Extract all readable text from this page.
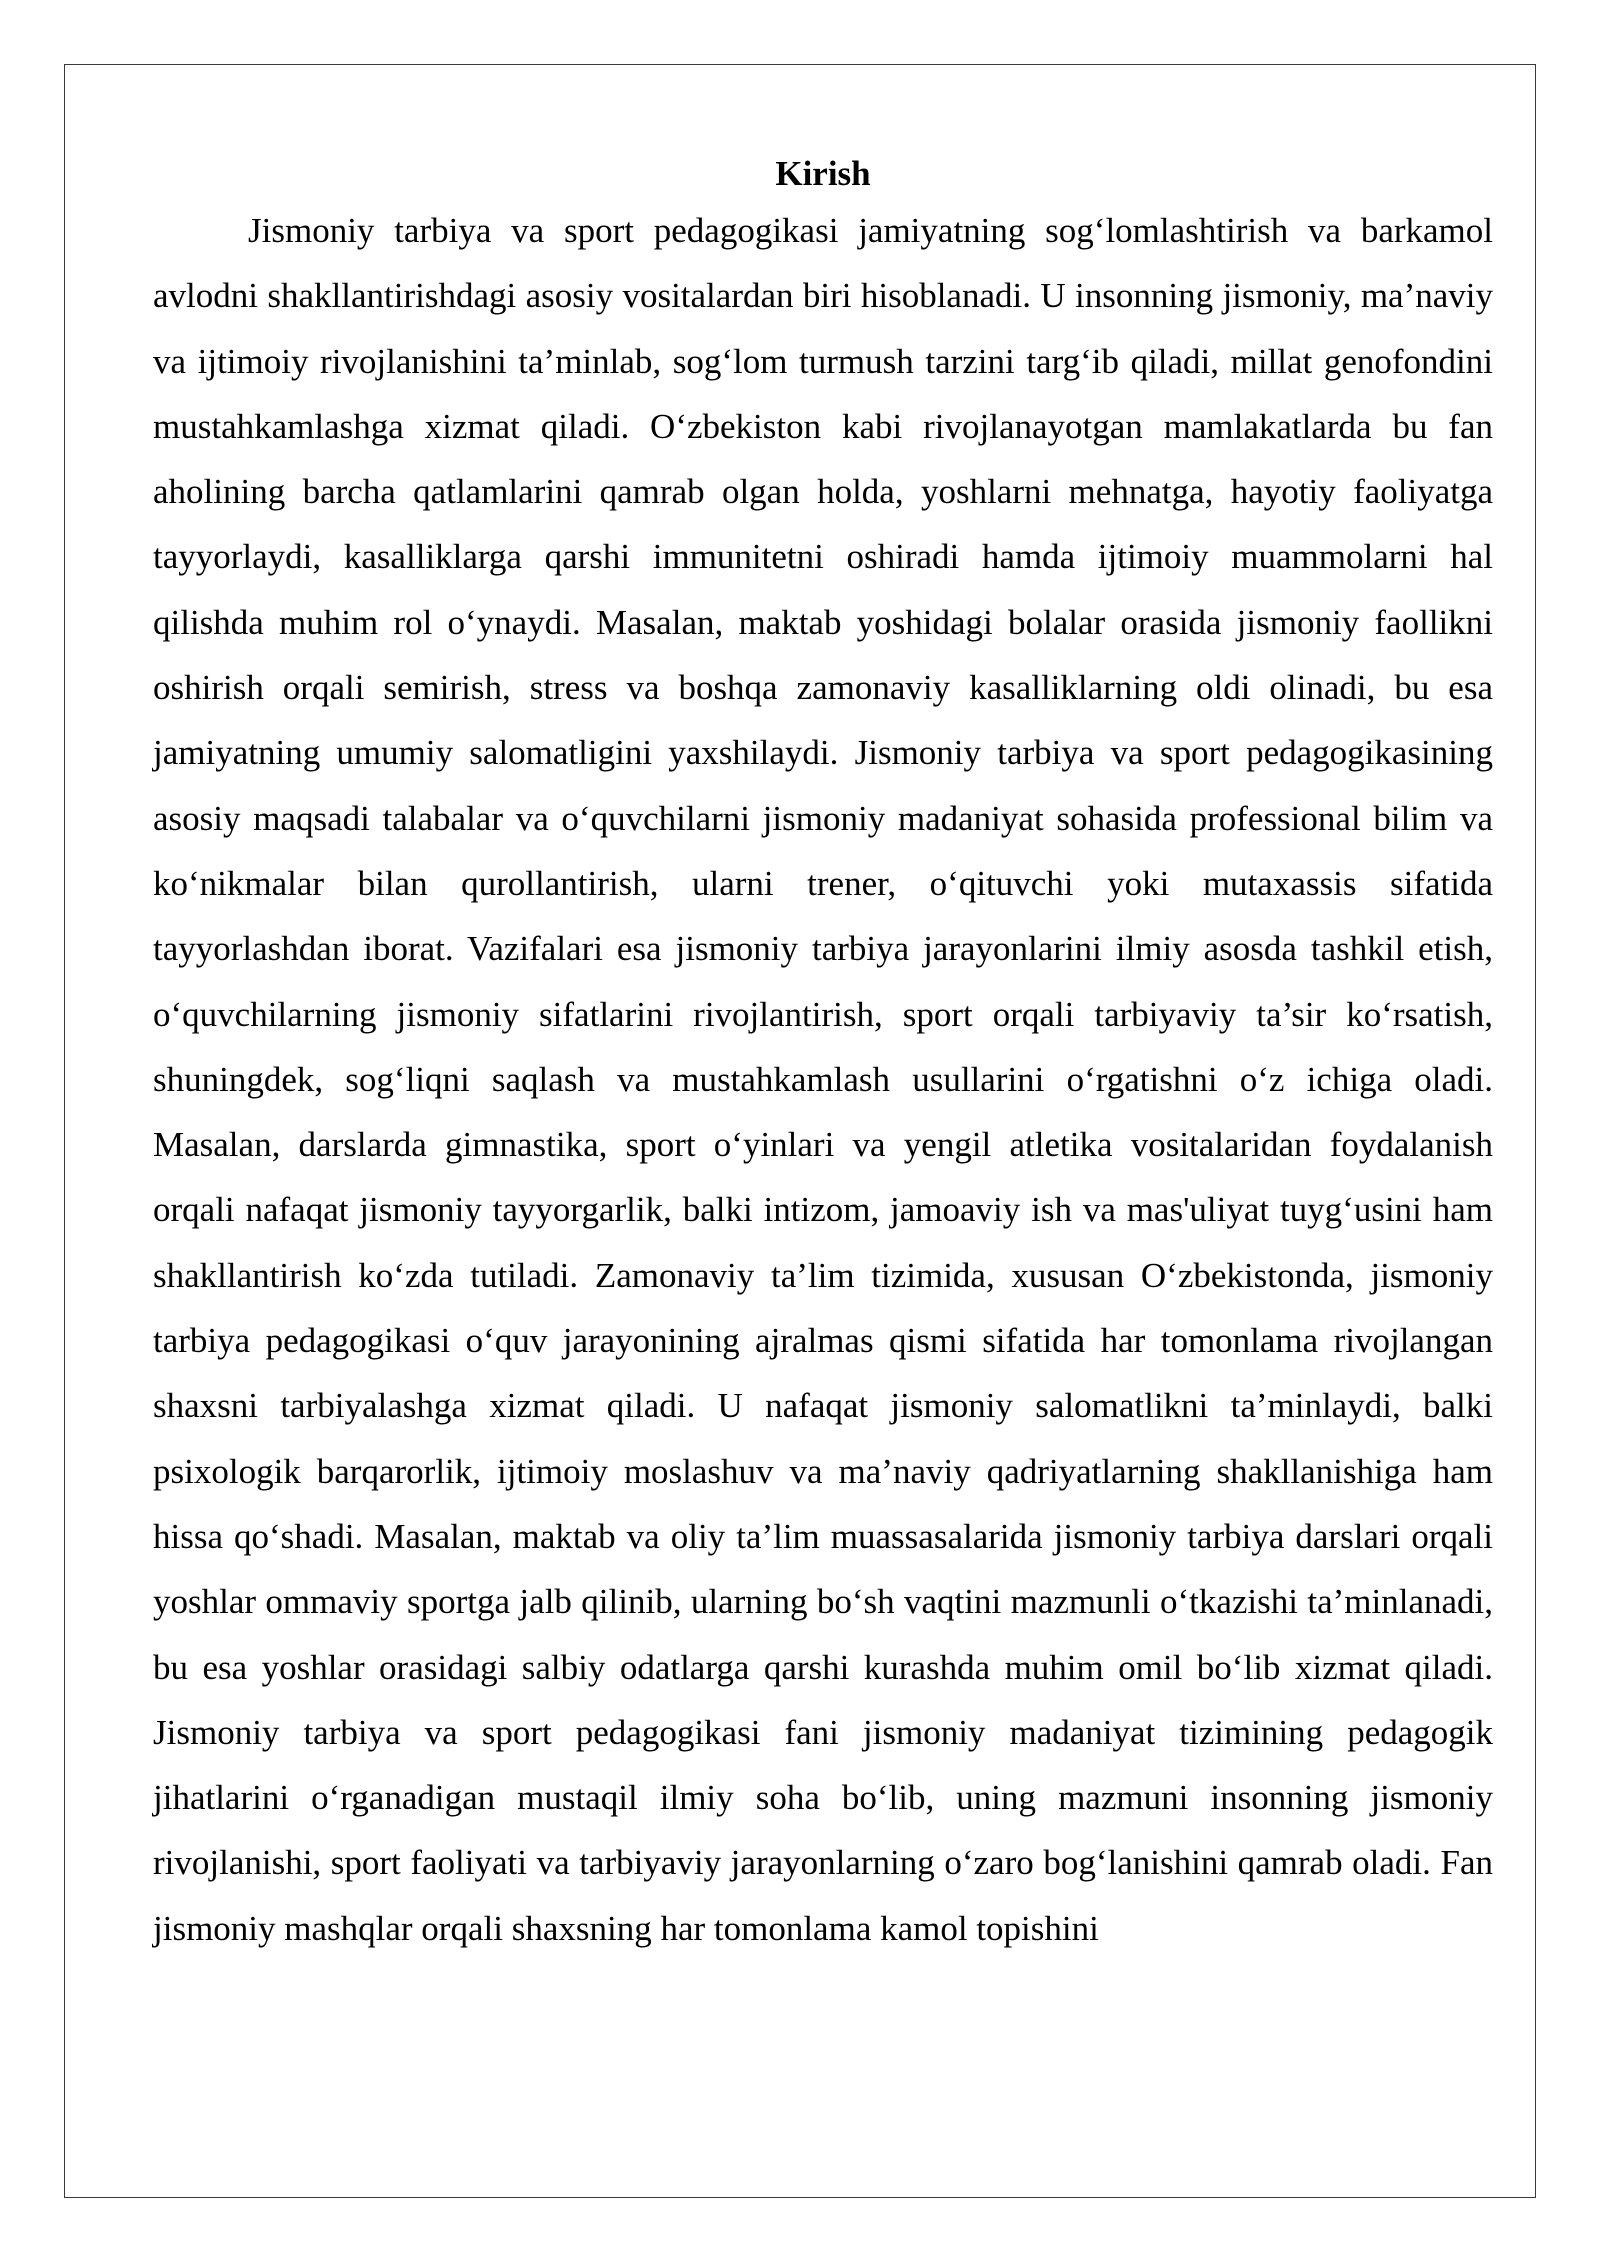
Kirish

Jismoniy tarbiya va sport pedagogikasi jamiyatning sog‘lomlashtirish va barkamol avlodni shakllantirishdagi asosiy vositalardan biri hisoblanadi. U insonning jismoniy, ma’naviy va ijtimoiy rivojlanishini ta’minlab, sog‘lom turmush tarzini targ‘ib qiladi, millat genofondini mustahkamlashga xizmat qiladi. O‘zbekiston kabi rivojlanayotgan mamlakatlarda bu fan aholining barcha qatlamlarini qamrab olgan holda, yoshlarni mehnatga, hayotiy faoliyatga tayyorlaydi, kasalliklarga qarshi immunitetni oshiradi hamda ijtimoiy muammolarni hal qilishda muhim rol o‘ynaydi. Masalan, maktab yoshidagi bolalar orasida jismoniy faollikni oshirish orqali semirish, stress va boshqa zamonaviy kasalliklarning oldi olinadi, bu esa jamiyatning umumiy salomatligini yaxshilaydi. Jismoniy tarbiya va sport pedagogikasining asosiy maqsadi talabalar va o‘quvchilarni jismoniy madaniyat sohasida professional bilim va ko‘nikmalar bilan qurollantirish, ularni trener, o‘qituvchi yoki mutaxassis sifatida tayyorlashdan iborat. Vazifalari esa jismoniy tarbiya jarayonlarini ilmiy asosda tashkil etish, o‘quvchilarning jismoniy sifatlarini rivojlantirish, sport orqali tarbiyaviy ta’sir ko‘rsatish, shuningdek, sog‘liqni saqlash va mustahkamlash usullarini o‘rgatishni o‘z ichiga oladi. Masalan, darslarda gimnastika, sport o‘yinlari va yengil atletika vositalaridan foydalanish orqali nafaqat jismoniy tayyorgarlik, balki intizom, jamoaviy ish va mas'uliyat tuyg‘usini ham shakllantirish ko‘zda tutiladi. Zamonaviy ta’lim tizimida, xususan O‘zbekistonda, jismoniy tarbiya pedagogikasi o‘quv jarayonining ajralmas qismi sifatida har tomonlama rivojlangan shaxsni tarbiyalashga xizmat qiladi. U nafaqat jismoniy salomatlikni ta’minlaydi, balki psixologik barqarorlik, ijtimoiy moslashuv va ma’naviy qadriyatlarning shakllanishiga ham hissa qo‘shadi. Masalan, maktab va oliy ta’lim muassasalarida jismoniy tarbiya darslari orqali yoshlar ommaviy sportga jalb qilinib, ularning bo‘sh vaqtini mazmunli o‘tkazishi ta’minlanadi, bu esa yoshlar orasidagi salbiy odatlarga qarshi kurashda muhim omil bo‘lib xizmat qiladi. Jismoniy tarbiya va sport pedagogikasi fani jismoniy madaniyat tizimining pedagogik jihatlarini o‘rganadigan mustaqil ilmiy soha bo‘lib, uning mazmuni insonning jismoniy rivojlanishi, sport faoliyati va tarbiyaviy jarayonlarning o‘zaro bog‘lanishini qamrab oladi. Fan jismoniy mashqlar orqali shaxsning har tomonlama kamol topishini
